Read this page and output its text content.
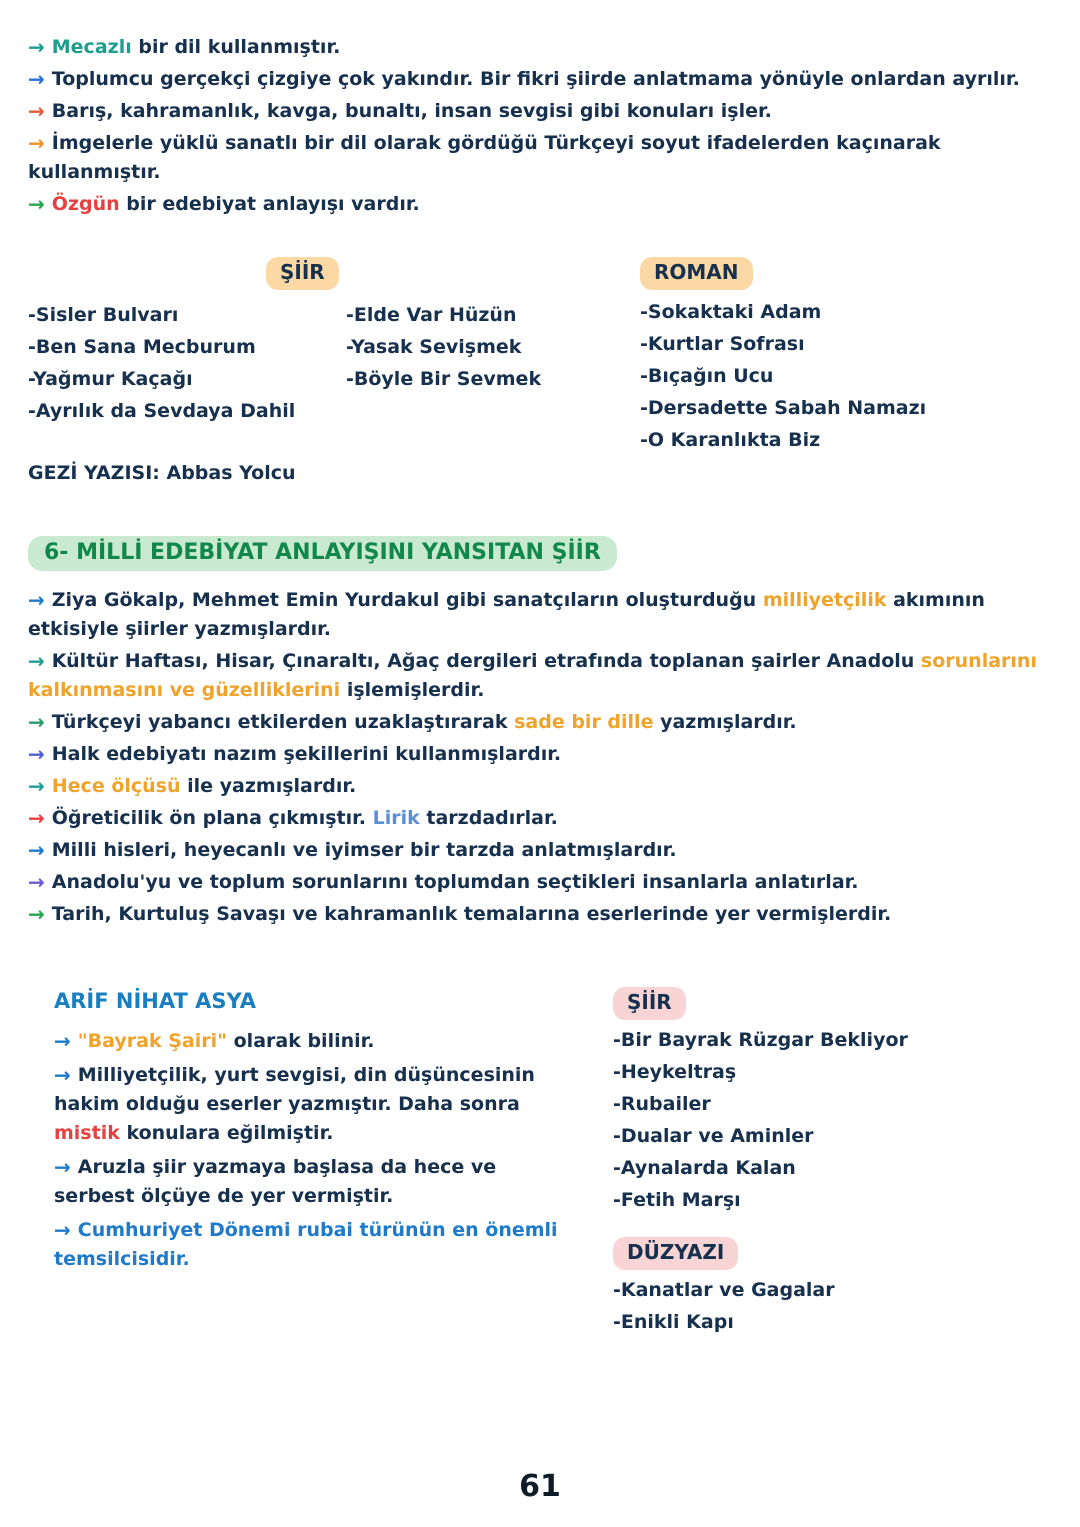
→ Mecazlı bir dil kullanmıştır.
→ Toplumcu gerçekçi çizgiye çok yakındır. Bir fikri şiirde anlatmama yönüyle onlardan ayrılır.
→ Barış, kahramanlık, kavga, bunaltı, insan sevgisi gibi konuları işler.
→ İmgelerle yüklü sanatlı bir dil olarak gördüğü Türkçeyi soyut ifadelerden kaçınarak kullanmıştır.
→ Özgün bir edebiyat anlayışı vardır.
ŞİİR
-Sisler Bulvarı
-Ben Sana Mecburum
-Yağmur Kaçağı
-Ayrılık da Sevdaya Dahil
-Elde Var Hüzün
-Yasak Sevişmek
-Böyle Bir Sevmek
GEZİ YAZISI: Abbas Yolcu
ROMAN
-Sokaktaki Adam
-Kurtlar Sofrası
-Bıçağın Ucu
-Dersadette Sabah Namazı
-O Karanlıkta Biz
6- MİLLİ EDEBİYAT ANLAYIŞINI YANSITAN ŞİİR
→ Ziya Gökalp, Mehmet Emin Yurdakul gibi sanatçıların oluşturduğu milliyetçilik akımının etkisiyle şiirler yazmışlardır.
→ Kültür Haftası, Hisar, Çınaraltı, Ağaç dergileri etrafında toplanan şairler Anadolu sorunlarını kalkınmasını ve güzelliklerini işlemişlerdir.
→ Türkçeyi yabancı etkilerden uzaklaştırarak sade bir dille yazmışlardır.
→ Halk edebiyatı nazım şekillerini kullanmışlardır.
→ Hece ölçüsü ile yazmışlardır.
→ Öğreticilik ön plana çıkmıştır. Lirik tarzdadırlar.
→ Milli hisleri, heyecanlı ve iyimser bir tarzda anlatmışlardır.
→ Anadolu'yu ve toplum sorunlarını toplumdan seçtikleri insanlarla anlatırlar.
→ Tarih, Kurtuluş Savaşı ve kahramanlık temalarına eserlerinde yer vermişlerdir.
ARİF NİHAT ASYA
→ "Bayrak Şairi" olarak bilinir.
→ Milliyetçilik, yurt sevgisi, din düşüncesinin hakim olduğu eserler yazmıştır. Daha sonra mistik konulara eğilmiştir.
→ Aruzla şiir yazmaya başlasa da hece ve serbest ölçüye de yer vermiştir.
→ Cumhuriyet Dönemi rubai türünün en önemli temsilcisidir.
ŞİİR
-Bir Bayrak Rüzgar Bekliyor
-Heykeltraş
-Rubailer
-Dualar ve Aminler
-Aynalarda Kalan
-Fetih Marşı
DÜZYAZI
-Kanatlar ve Gagalar
-Enikli Kapı
61
